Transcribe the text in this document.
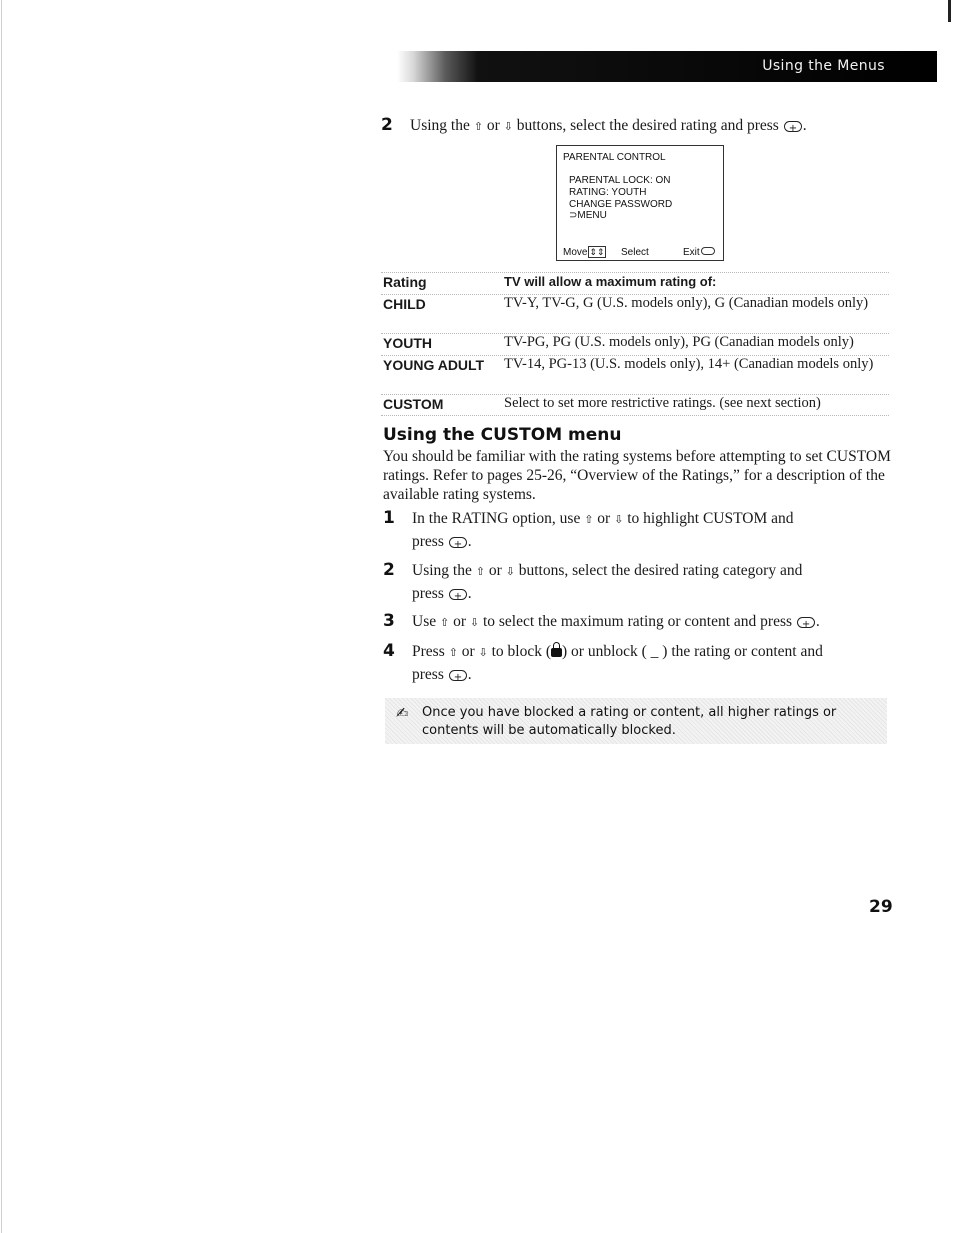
Using the Menus
2 Using the ⇧ or ⇩ buttons, select the desired rating and press + .
PARENTAL CONTROL
PARENTAL LOCK: ON
RATING: YOUTH
CHANGE PASSWORD
⊃MENU
Move ⇕⇕ Select	Exit
Rating	TV will allow a maximum rating of:
CHILD	TV-Y, TV-G, G (U.S. models only), G (Canadian models only)
YOUTH	TV-PG, PG (U.S. models only), PG (Canadian models only)
YOUNG ADULT TV-14, PG-13 (U.S. models only), 14+ (Canadian models only)
CUSTOM	Select to set more restrictive ratings. (see next section)
Using the CUSTOM menu
You should be familiar with the rating systems before attempting to set CUSTOM ratings. Refer to pages 25-26, “Overview of the Ratings,” for a description of the available rating systems.
1 In the RATING option, use ⇧ or ⇩ to highlight CUSTOM and
press + .
2 Using the ⇧ or ⇩ buttons, select the desired rating category and
press + .
3 Use ⇧ or ⇩ to select the maximum rating or content and press + .
4 Press ⇧ or ⇩ to block ( ) or unblock ( _ ) the rating or content and
press + .
✍ Once you have blocked a rating or content, all higher ratings or contents will be automatically blocked.
29
